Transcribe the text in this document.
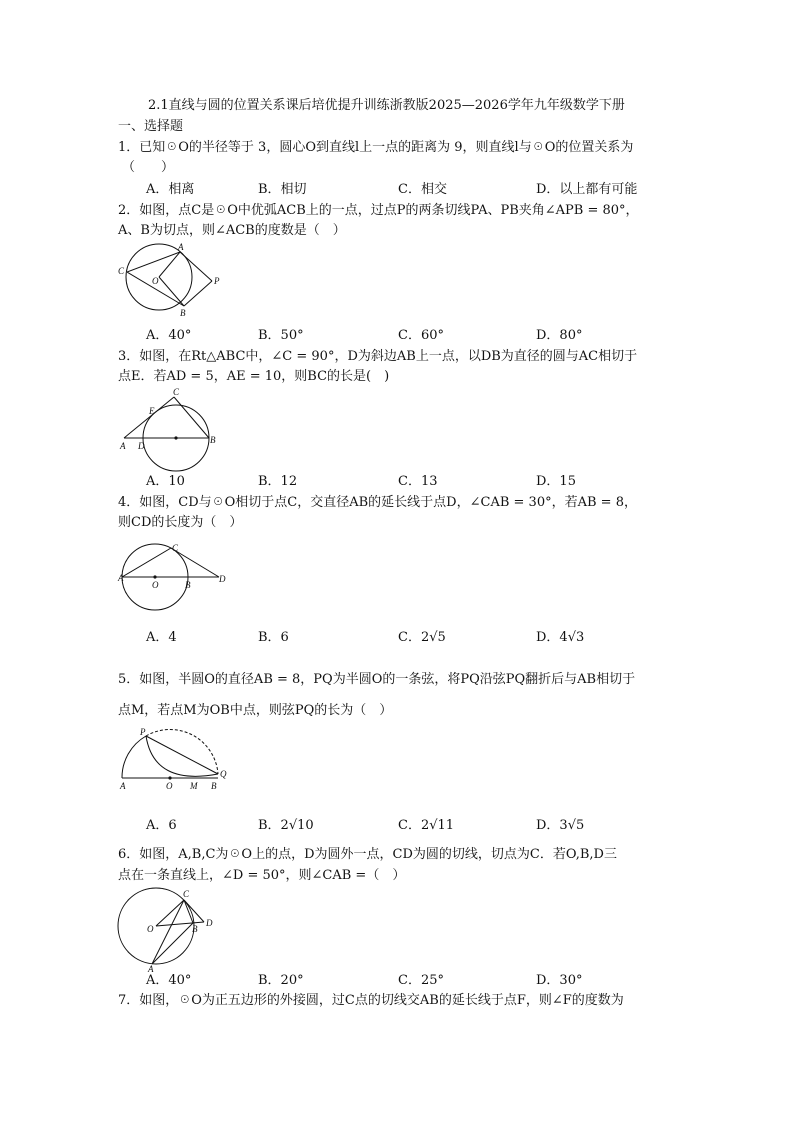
2.1直线与圆的位置关系课后培优提升训练浙教版2025—2026学年九年级数学下册
一、选择题
1．已知☉O的半径等于 3，圆心O到直线l上一点的距离为 9，则直线l与☉O的位置关系为
（　　）
A．相离	B．相切	C．相交	D．以上都有可能
2．如图，点C是☉O中优弧ACB上的一点，过点P的两条切线PA、PB夹角∠APB = 80°，
A、B为切点，则∠ACB的度数是（　）
A
C
O	P
B
A．40°	B．50°	C．60°	D．80°
3．如图，在Rt△ABC中，∠C = 90°，D为斜边AB上一点，以DB为直径的圆与AC相切于
点E．若AD = 5，AE = 10，则BC的长是(　)
C
E
A D
B
A．10	B．12	C．13	D．15
4．如图，CD与☉O相切于点C，交直径AB的延长线于点D，∠CAB = 30°，若AB = 8，
则CD的长度为（　）
C
A
O	B
D
A．4	B．6	C．2√5	D．4√3
5．如图，半圆O的直径AB = 8，PQ为半圆O的一条弦，将PQ沿弦PQ翻折后与AB相切于
点M，若点M为OB中点，则弦PQ的长为（　）
P
A	O M B
Q
A．6	B．2√10	C．2√11	D．3√5
6．如图，A,B,C为☉O上的点，D为圆外一点，CD为圆的切线，切点为C．若O,B,D三
点在一条直线上，∠D = 50°，则∠CAB =（　）
C
O	B
D
A
A．40°	B．20°	C．25°	D．30°
7．如图，☉O为正五边形的外接圆，过C点的切线交AB的延长线于点F，则∠F的度数为
